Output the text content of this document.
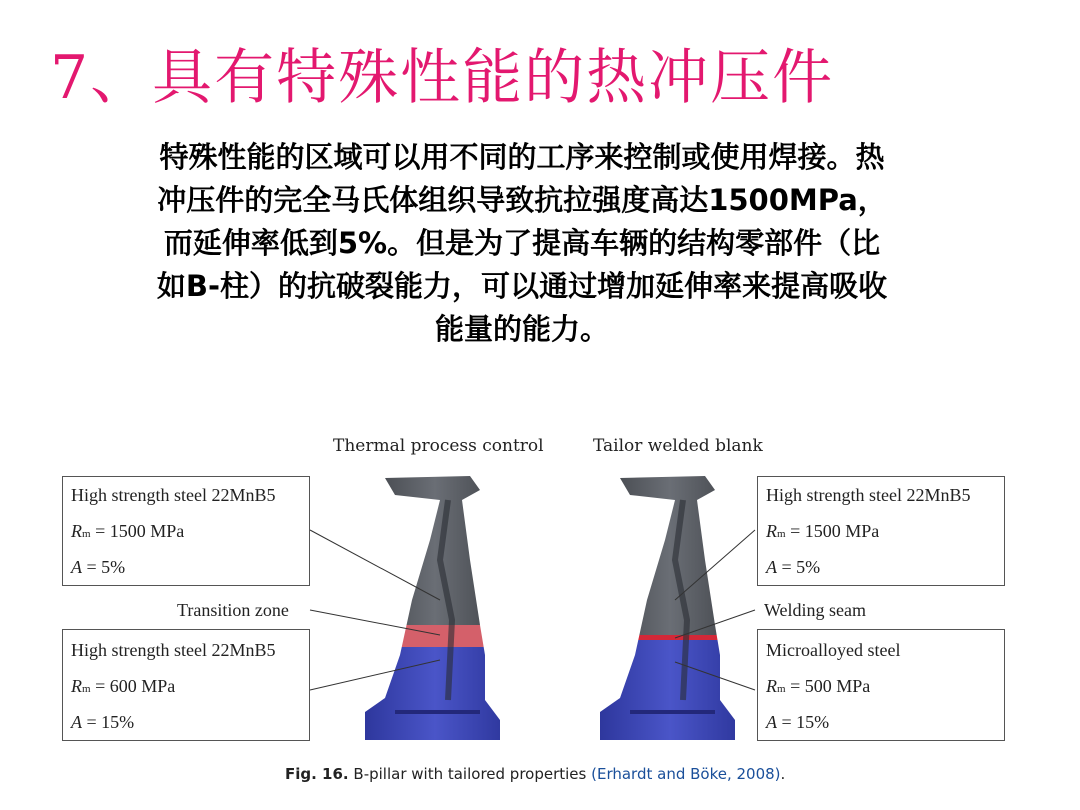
7、具有特殊性能的热冲压件
特殊性能的区域可以用不同的工序来控制或使用焊接。热
冲压件的完全马氏体组织导致抗拉强度高达1500MPa，
而延伸率低到5%。但是为了提高车辆的结构零部件（比
如B-柱）的抗破裂能力，可以通过增加延伸率来提高吸收
能量的能力。
Thermal process control	Tailor welded blank
High strength steel 22MnB5
Rm = 1500 MPa
A = 5%
Transition zone
High strength steel 22MnB5
Rm = 600 MPa
A = 15%
High strength steel 22MnB5
Rm = 1500 MPa
A = 5%
Welding seam
Microalloyed steel
Rm = 500 MPa
A = 15%
Fig. 16. B-pillar with tailored properties (Erhardt and Böke, 2008).
